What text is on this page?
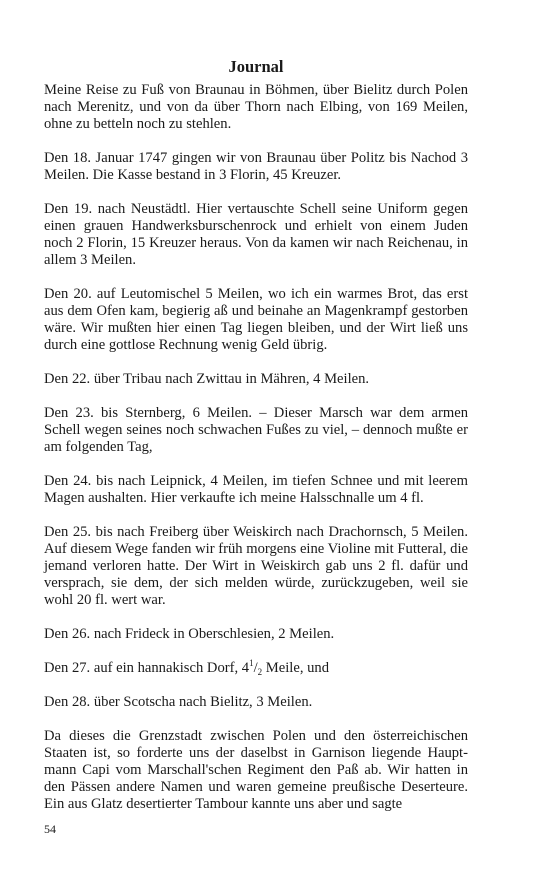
Journal

Meine Reise zu Fuß von Braunau in Böhmen, über Bielitz durch Polen nach Merenitz, und von da über Thorn nach Elbing, von 169 Meilen, ohne zu betteln noch zu stehlen.

Den 18. Januar 1747 gingen wir von Braunau über Politz bis Nachod 3 Meilen. Die Kasse bestand in 3 Florin, 45 Kreuzer.

Den 19. nach Neustädtl. Hier vertauschte Schell seine Uniform gegen einen grauen Handwerksburschenrock und erhielt von einem Juden noch 2 Florin, 15 Kreuzer heraus. Von da kamen wir nach Reichenau, in allem 3 Meilen.

Den 20. auf Leutomischel 5 Meilen, wo ich ein warmes Brot, das erst aus dem Ofen kam, begierig aß und beinahe an Magenkrampf gestorben wäre. Wir mußten hier einen Tag liegen bleiben, und der Wirt ließ uns durch eine gottlose Rechnung wenig Geld übrig.

Den 22. über Tribau nach Zwittau in Mähren, 4 Meilen.

Den 23. bis Sternberg, 6 Meilen. – Dieser Marsch war dem armen Schell wegen seines noch schwachen Fußes zu viel, – dennoch mußte er am folgenden Tag,

Den 24. bis nach Leipnick, 4 Meilen, im tiefen Schnee und mit leerem Magen aushalten. Hier verkaufte ich meine Halsschnalle um 4 fl.

Den 25. bis nach Freiberg über Weiskirch nach Drachornsch, 5 Meilen. Auf diesem Wege fanden wir früh morgens eine Violine mit Futteral, die jemand verloren hatte. Der Wirt in Weiskirch gab uns 2 fl. dafür und versprach, sie dem, der sich melden würde, zurückzugeben, weil sie wohl 20 fl. wert war.

Den 26. nach Frideck in Oberschlesien, 2 Meilen.

Den 27. auf ein hannakisch Dorf, $4^1/_2$ Meile, und

Den 28. über Scotscha nach Bielitz, 3 Meilen.

Da dieses die Grenzstadt zwischen Polen und den österreichischen Staaten ist, so forderte uns der daselbst in Garnison liegende Hauptmann Capi vom Marschall'schen Regiment den Paß ab. Wir hatten in den Pässen andere Namen und waren gemeine preußische Deserteure. Ein aus Glatz desertierter Tambour kannte uns aber und sagte

54
